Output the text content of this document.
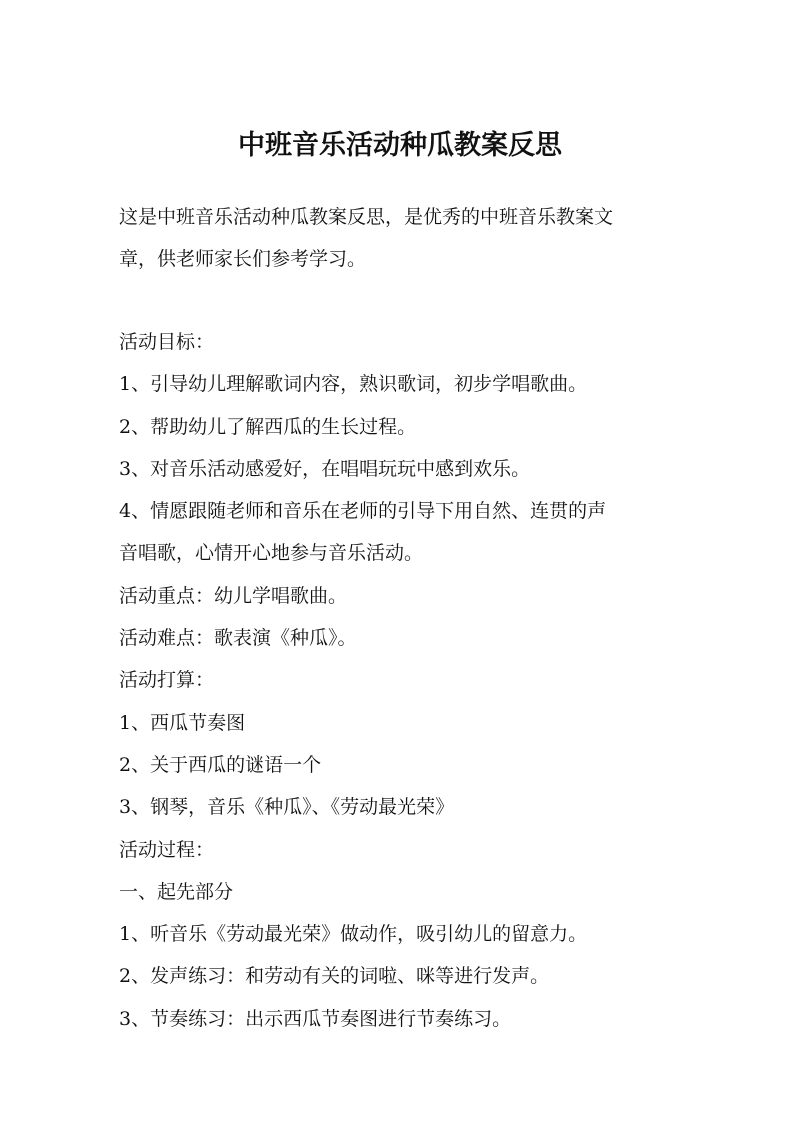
中班音乐活动种瓜教案反思

这是中班音乐活动种瓜教案反思，是优秀的中班音乐教案文

章，供老师家长们参考学习。

活动目标：

1、引导幼儿理解歌词内容，熟识歌词，初步学唱歌曲。

2、帮助幼儿了解西瓜的生长过程。

3、对音乐活动感爱好，在唱唱玩玩中感到欢乐。

4、情愿跟随老师和音乐在老师的引导下用自然、连贯的声

音唱歌，心情开心地参与音乐活动。

活动重点：幼儿学唱歌曲。

活动难点：歌表演《种瓜》。

活动打算：

1、西瓜节奏图

2、关于西瓜的谜语一个

3、钢琴，音乐《种瓜》、《劳动最光荣》

活动过程：

一、起先部分

1、听音乐《劳动最光荣》做动作，吸引幼儿的留意力。

2、发声练习：和劳动有关的词啦、咪等进行发声。

3、节奏练习：出示西瓜节奏图进行节奏练习。
